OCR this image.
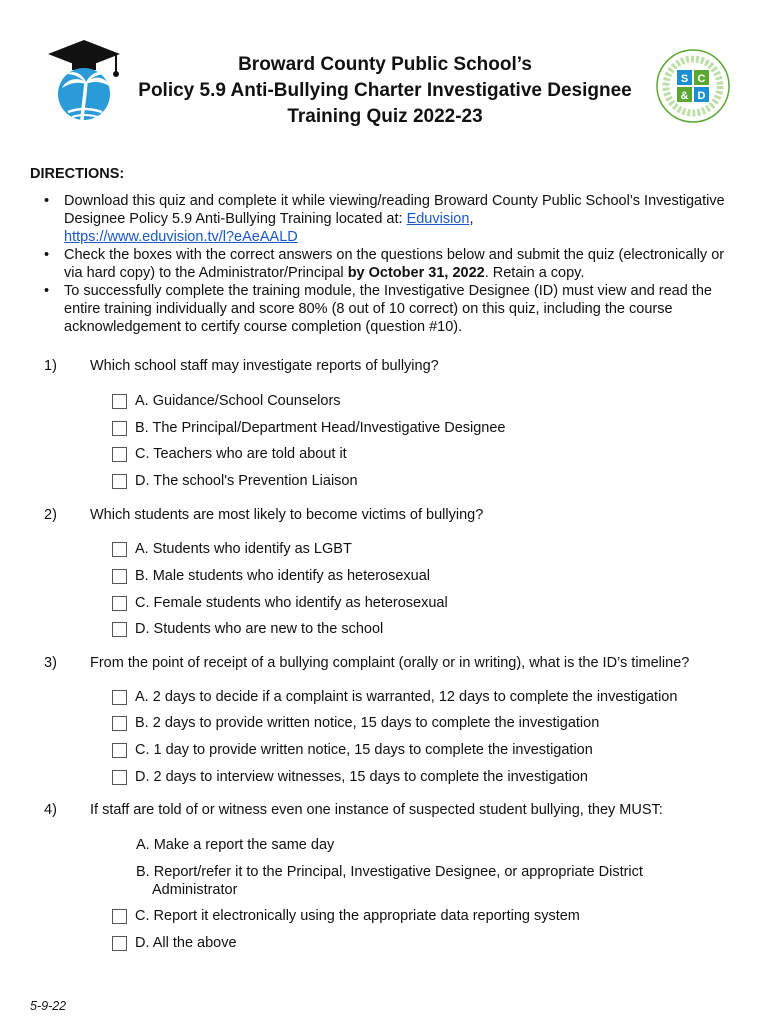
Broward County Public School’s
Policy 5.9 Anti-Bullying Charter Investigative Designee
Training Quiz 2022-23
S C
& D
DIRECTIONS:
• Download this quiz and complete it while viewing/reading Broward County Public School’s Investigative Designee Policy 5.9 Anti-Bullying Training located at: Eduvision,
https://www.eduvision.tv/l?eAeAALD
• Check the boxes with the correct answers on the questions below and submit the quiz (electronically or via hard copy) to the Administrator/Principal by October 31, 2022. Retain a copy.
• To successfully complete the training module, the Investigative Designee (ID) must view and read the entire training individually and score 80% (8 out of 10 correct) on this quiz, including the course acknowledgement to certify course completion (question #10).
1) Which school staff may investigate reports of bullying?
A. Guidance/School Counselors
B. The Principal/Department Head/Investigative Designee
C. Teachers who are told about it
D. The school's Prevention Liaison
2) Which students are most likely to become victims of bullying?
A. Students who identify as LGBT
B. Male students who identify as heterosexual
C. Female students who identify as heterosexual
D. Students who are new to the school
3) From the point of receipt of a bullying complaint (orally or in writing), what is the ID’s timeline?
A. 2 days to decide if a complaint is warranted, 12 days to complete the investigation
B. 2 days to provide written notice, 15 days to complete the investigation
C. 1 day to provide written notice, 15 days to complete the investigation
D. 2 days to interview witnesses, 15 days to complete the investigation
4) If staff are told of or witness even one instance of suspected student bullying, they MUST:
A. Make a report the same day
B. Report/refer it to the Principal, Investigative Designee, or appropriate District
Administrator
C. Report it electronically using the appropriate data reporting system
D. All the above
5-9-22
